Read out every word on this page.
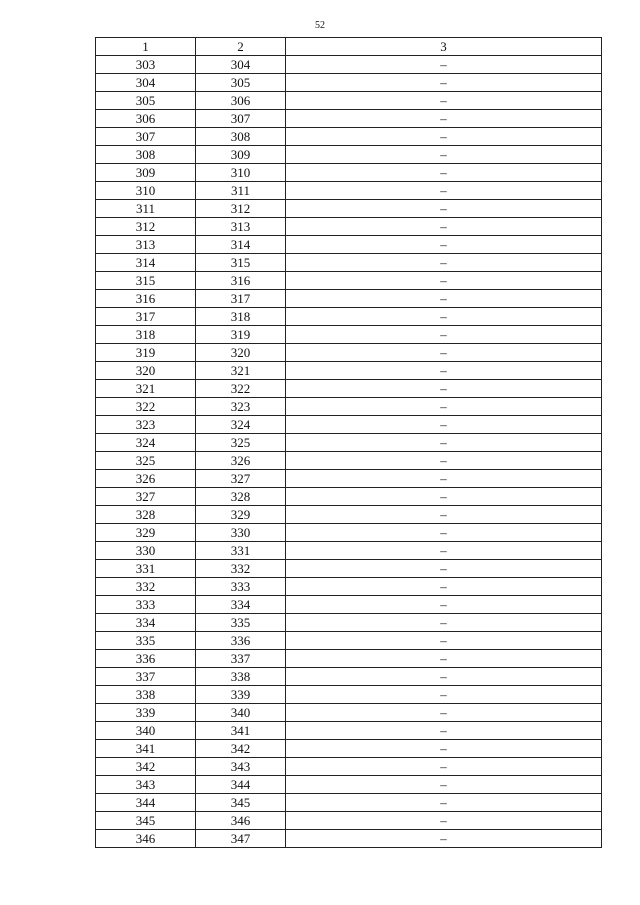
52
1	2	3
303	304	–
304	305	–
305	306	–
306	307	–
307	308	–
308	309	–
309	310	–
310	311	–
311	312	–
312	313	–
313	314	–
314	315	–
315	316	–
316	317	–
317	318	–
318	319	–
319	320	–
320	321	–
321	322	–
322	323	–
323	324	–
324	325	–
325	326	–
326	327	–
327	328	–
328	329	–
329	330	–
330	331	–
331	332	–
332	333	–
333	334	–
334	335	–
335	336	–
336	337	–
337	338	–
338	339	–
339	340	–
340	341	–
341	342	–
342	343	–
343	344	–
344	345	–
345	346	–
346	347	–
